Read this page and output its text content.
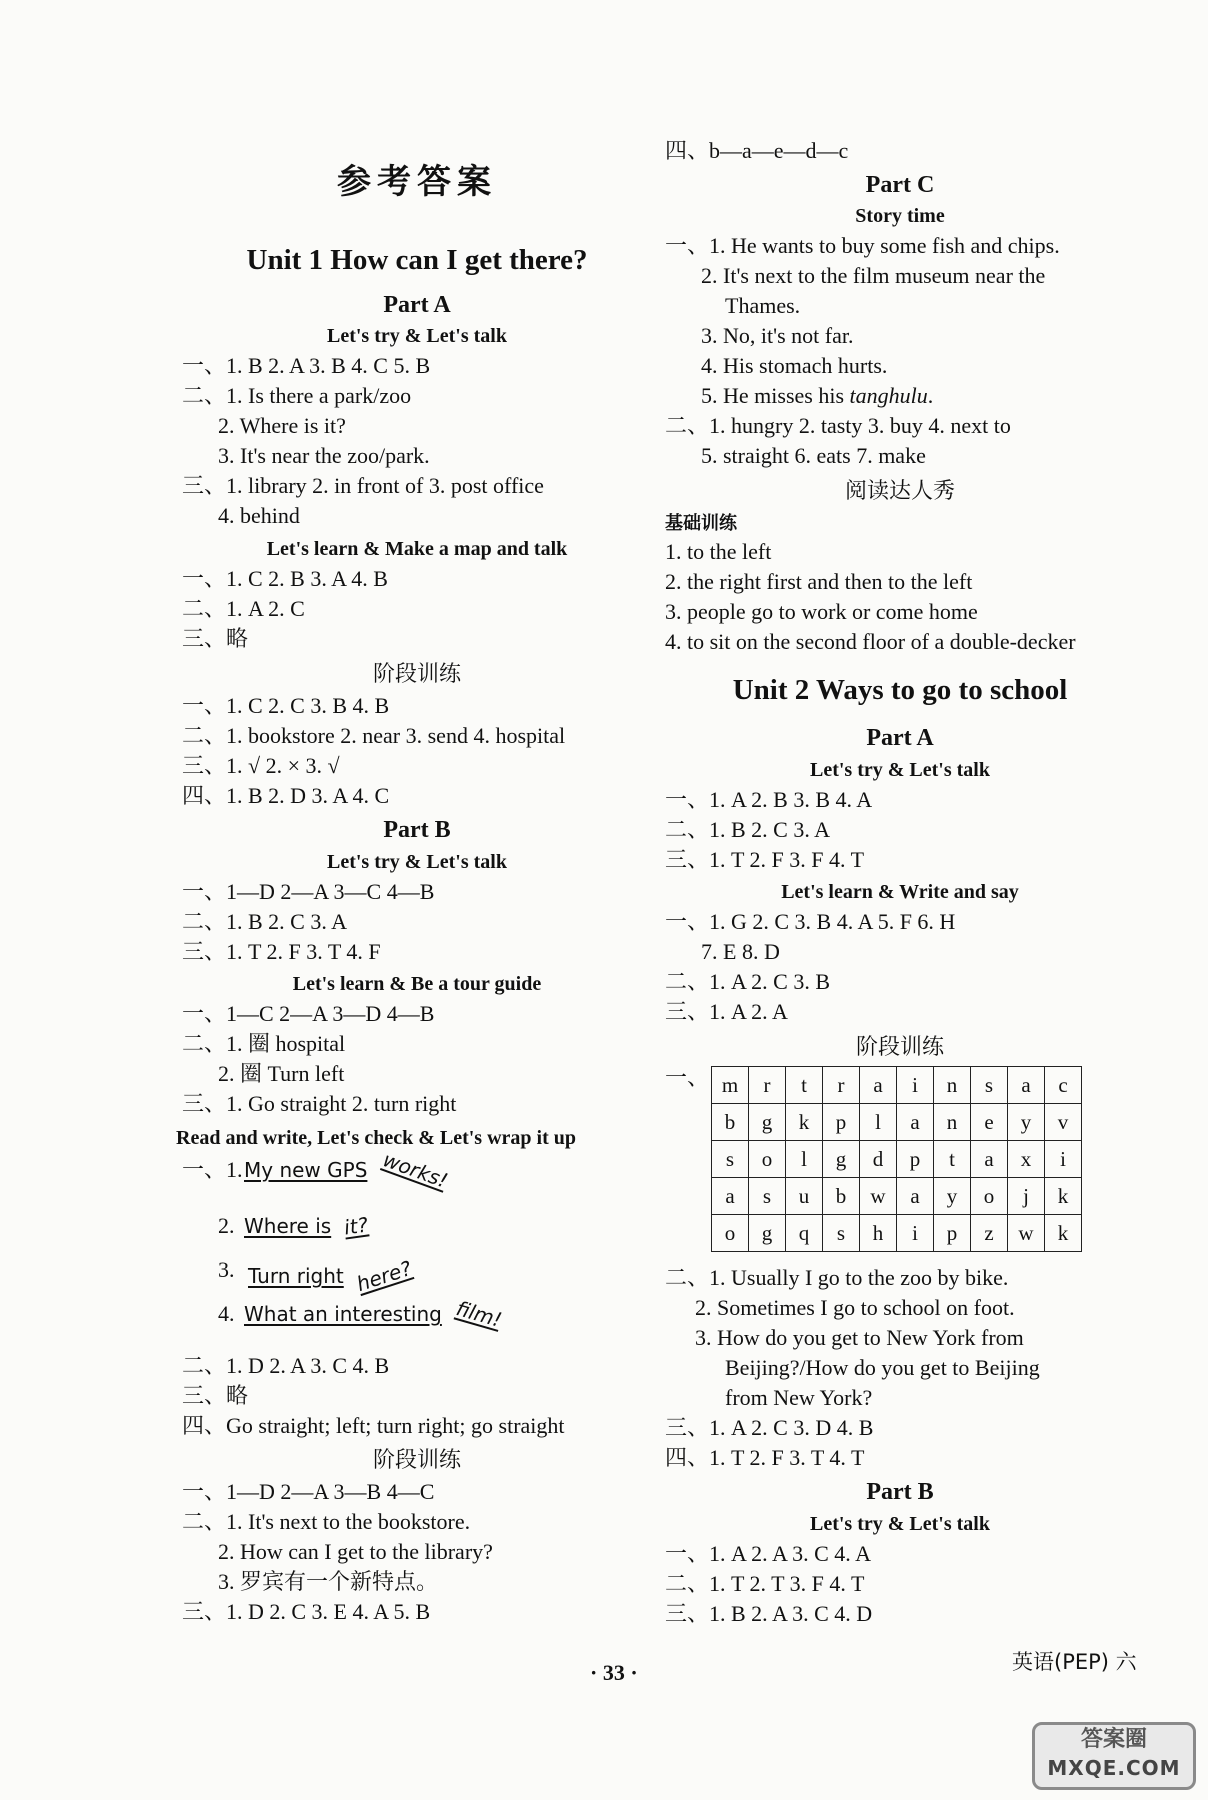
参考答案
Unit 1 How can I get there?
Part A
Let's try & Let's talk
一、1. B 2. A 3. B 4. C 5. B
二、1. Is there a park/zoo
2. Where is it?
3. It's near the zoo/park.
三、1. library 2. in front of 3. post office
4. behind
Let's learn & Make a map and talk
一、1. C 2. B 3. A 4. B
二、1. A 2. C
三、略
阶段训练
一、1. C 2. C 3. B 4. B
二、1. bookstore 2. near 3. send 4. hospital
三、1. √ 2. × 3. √
四、1. B 2. D 3. A 4. C
Part B
Let's try & Let's talk
一、1—D 2—A 3—C 4—B
二、1. B 2. C 3. A
三、1. T 2. F 3. T 4. F
Let's learn & Be a tour guide
一、1—C 2—A 3—D 4—B
二、1. 圈 hospital
2. 圈 Turn left
三、1. Go straight 2. turn right
Read and write, Let's check & Let's wrap it up
一、1. My new GPS works!
2. Where is it?
3. Turn right here?
4. What an interesting film!
二、1. D 2. A 3. C 4. B
三、略
四、Go straight; left; turn right; go straight
阶段训练
一、1—D 2—A 3—B 4—C
二、1. It's next to the bookstore.
2. How can I get to the library?
3. 罗宾有一个新特点。
三、1. D 2. C 3. E 4. A 5. B
四、b—a—e—d—c
Part C
Story time
一、1. He wants to buy some fish and chips.
2. It's next to the film museum near the
Thames.
3. No, it's not far.
4. His stomach hurts.
5. He misses his tanghulu.
二、1. hungry 2. tasty 3. buy 4. next to
5. straight 6. eats 7. make
阅读达人秀
基础训练
1. to the left
2. the right first and then to the left
3. people go to work or come home
4. to sit on the second floor of a double-decker
Unit 2 Ways to go to school
Part A
Let's try & Let's talk
一、1. A 2. B 3. B 4. A
二、1. B 2. C 3. A
三、1. T 2. F 3. F 4. T
Let's learn & Write and say
一、1. G 2. C 3. B 4. A 5. F 6. H
7. E 8. D
二、1. A 2. C 3. B
三、1. A 2. A
阶段训练
一、 m	r	t	r	a	i	n	s	a	c
b	g	k	p	l	a	n	e	y	v
s	o	l	g	d	p	t	a	x	i
a	s	u	b	w	a	y	o	j	k
o	g	q	s	h	i	p	z	w	k
二、1. Usually I go to the zoo by bike.
2. Sometimes I go to school on foot.
3. How do you get to New York from
Beijing?/How do you get to Beijing
from New York?
三、1. A 2. C 3. D 4. B
四、1. T 2. F 3. T 4. T
Part B
Let's try & Let's talk
一、1. A 2. A 3. C 4. A
二、1. T 2. T 3. F 4. T
三、1. B 2. A 3. C 4. D
· 33 ·	英语(PEP) 六
答案圈
MXQE.COM
